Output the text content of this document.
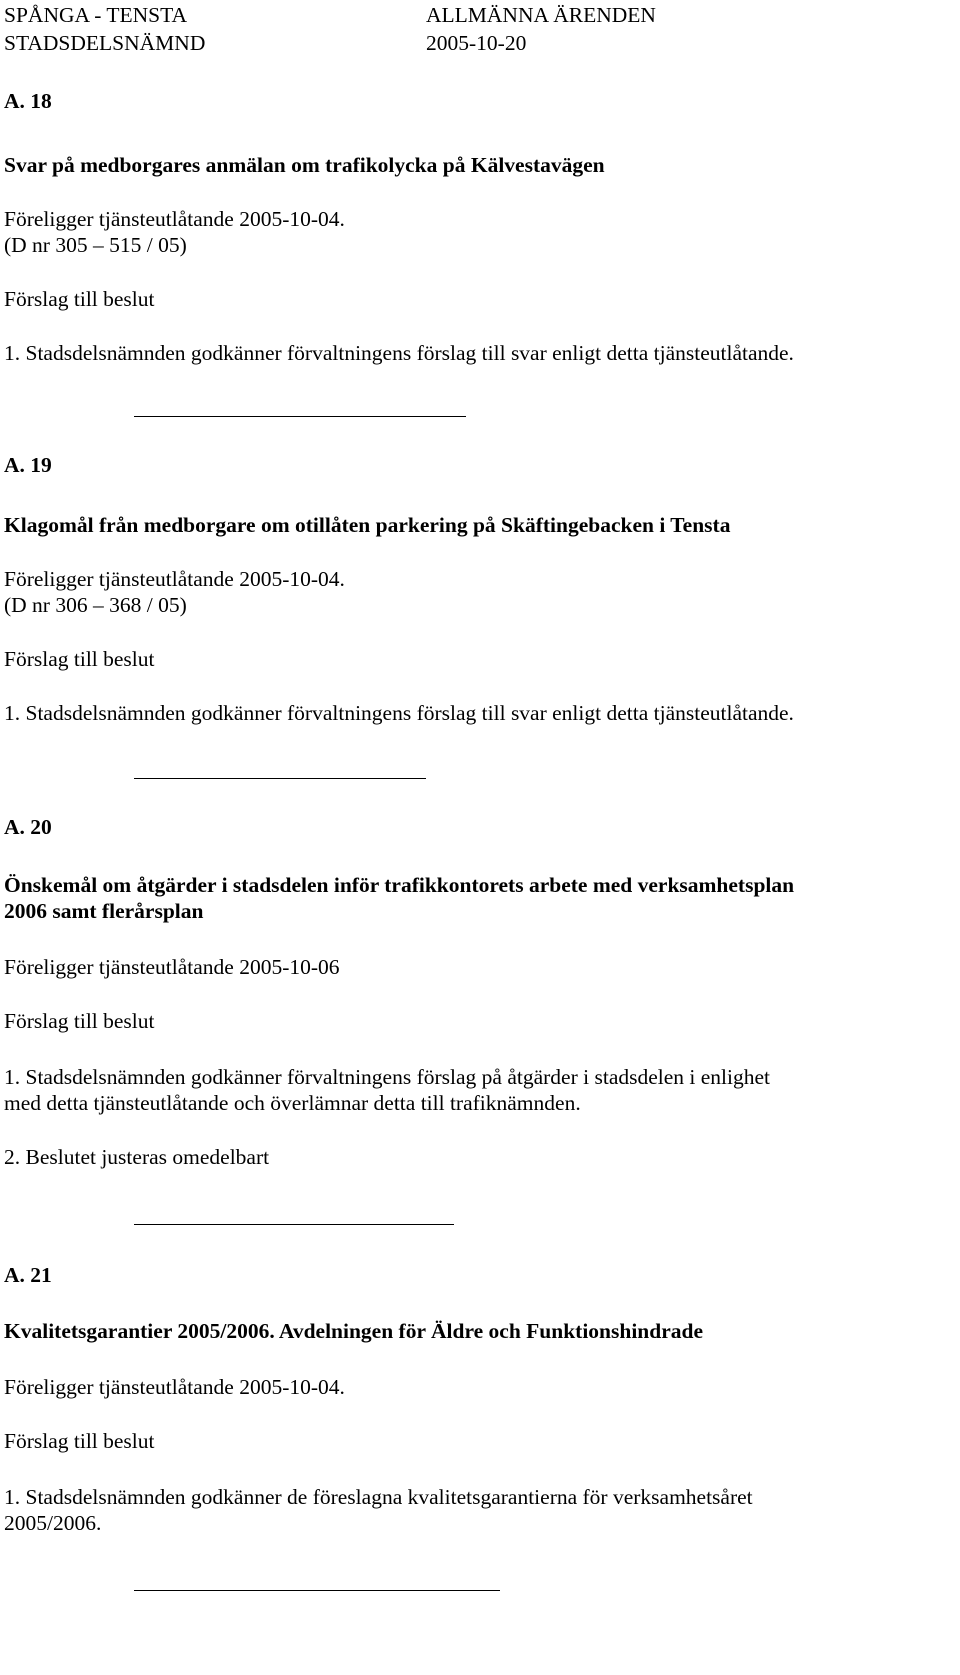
SPÅNGA - TENSTA
STADSDELSNÄMND
ALLMÄNNA ÄRENDEN
2005-10-20
A. 18
Svar på medborgares anmälan om trafikolycka på Kälvestavägen
Föreligger tjänsteutlåtande 2005-10-04.
(D nr 305 – 515 / 05)
Förslag till beslut
1. Stadsdelsnämnden godkänner förvaltningens förslag till svar enligt detta tjänsteutlåtande.
A. 19
Klagomål från medborgare om otillåten parkering på Skäftingebacken i Tensta
Föreligger tjänsteutlåtande 2005-10-04.
(D nr 306 – 368 / 05)
Förslag till beslut
1. Stadsdelsnämnden godkänner förvaltningens förslag till svar enligt detta tjänsteutlåtande.
A. 20
Önskemål om åtgärder i stadsdelen inför trafikkontorets arbete med verksamhetsplan
2006 samt flerårsplan
Föreligger tjänsteutlåtande 2005-10-06
Förslag till beslut
1. Stadsdelsnämnden godkänner förvaltningens förslag på åtgärder i stadsdelen i enlighet
med detta tjänsteutlåtande och överlämnar detta till trafiknämnden.
2. Beslutet justeras omedelbart
A. 21
Kvalitetsgarantier 2005/2006. Avdelningen för Äldre och Funktionshindrade
Föreligger tjänsteutlåtande 2005-10-04.
Förslag till beslut
1. Stadsdelsnämnden godkänner de föreslagna kvalitetsgarantierna för verksamhetsåret
2005/2006.
